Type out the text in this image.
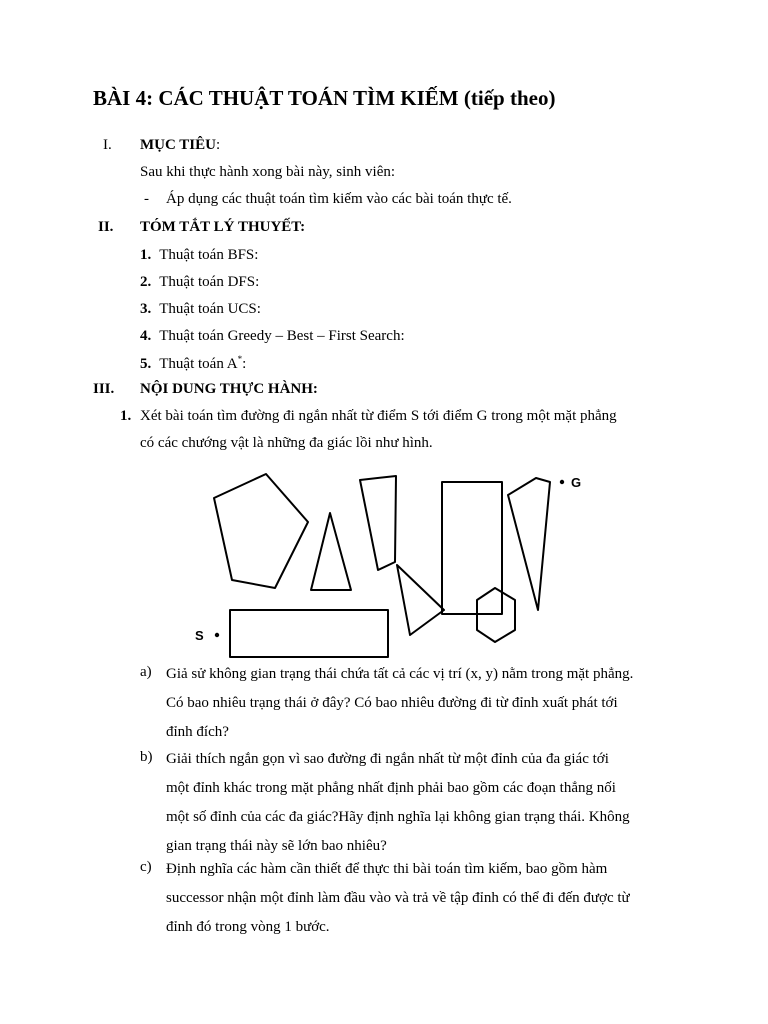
BÀI 4: CÁC THUẬT TOÁN TÌM KIẾM (tiếp theo)
I. MỤC TIÊU:
Sau khi thực hành xong bài này, sinh viên:
- Áp dụng các thuật toán tìm kiếm vào các bài toán thực tế.
II. TÓM TẮT LÝ THUYẾT:
1. Thuật toán BFS:
2. Thuật toán DFS:
3. Thuật toán UCS:
4. Thuật toán Greedy – Best – First Search:
5. Thuật toán A*:
III. NỘI DUNG THỰC HÀNH:
1. Xét bài toán tìm đường đi ngắn nhất từ điểm S tới điểm G trong một mặt phẳng
có các chướng vật là những đa giác lồi như hình.
S
G
a) Giả sử không gian trạng thái chứa tất cả các vị trí (x, y) nằm trong mặt phẳng.
Có bao nhiêu trạng thái ở đây? Có bao nhiêu đường đi từ đỉnh xuất phát tới
đỉnh đích?
b) Giải thích ngắn gọn vì sao đường đi ngắn nhất từ một đỉnh của đa giác tới
một đỉnh khác trong mặt phẳng nhất định phải bao gồm các đoạn thẳng nối
một số đỉnh của các đa giác?Hãy định nghĩa lại không gian trạng thái. Không
gian trạng thái này sẽ lớn bao nhiêu?
c) Định nghĩa các hàm cần thiết để thực thi bài toán tìm kiếm, bao gồm hàm
successor nhận một đỉnh làm đầu vào và trả về tập đỉnh có thể đi đến được từ
đỉnh đó trong vòng 1 bước.
